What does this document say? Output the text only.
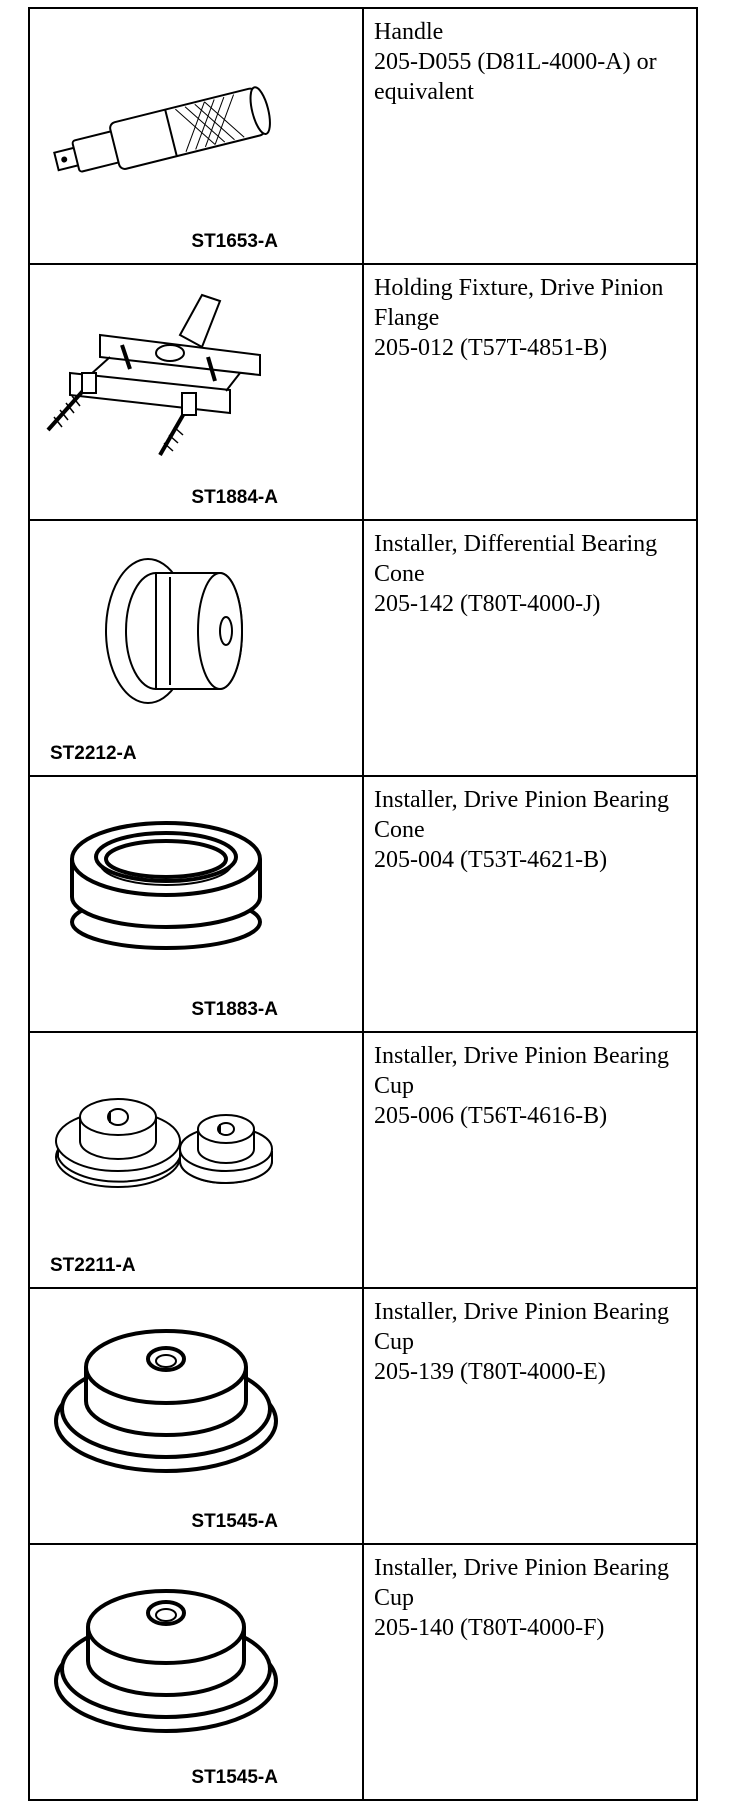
ST1653-A	Handle
205-D055 (D81L-4000-A) or
equivalent

ST1884-A	Holding Fixture, Drive Pinion
Flange
205-012 (T57T-4851-B)

ST2212-A	Installer, Differential Bearing
Cone
205-142 (T80T-4000-J)

ST1883-A	Installer, Drive Pinion Bearing
Cone
205-004 (T53T-4621-B)

ST2211-A	Installer, Drive Pinion Bearing
Cup
205-006 (T56T-4616-B)

ST1545-A	Installer, Drive Pinion Bearing
Cup
205-139 (T80T-4000-E)

ST1545-A	Installer, Drive Pinion Bearing
Cup
205-140 (T80T-4000-F)
